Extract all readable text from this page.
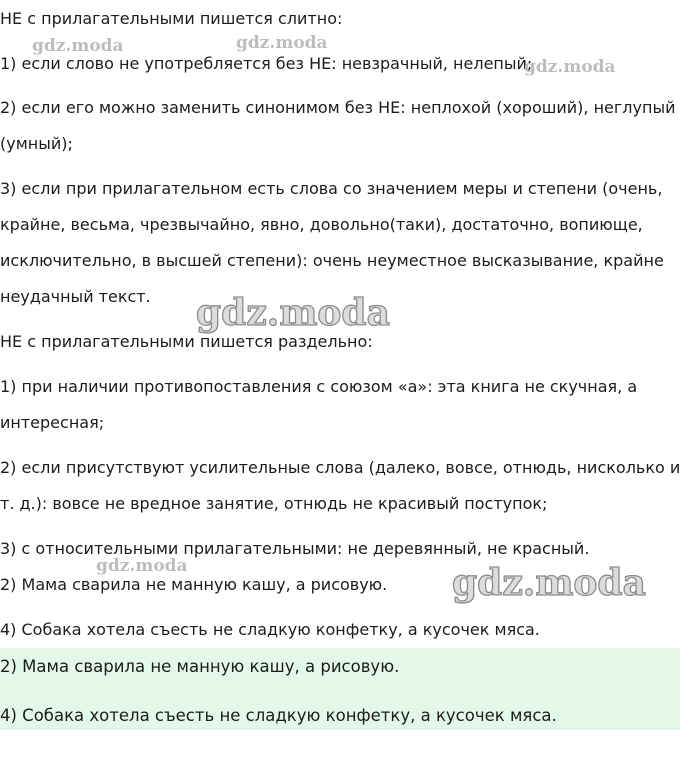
НЕ с прилагательными пишется слитно:
1) если слово не употребляется без НЕ: невзрачный, нелепый;
2) если его можно заменить синонимом без НЕ: неплохой (хороший), неглупый
(умный);
3) если при прилагательном есть слова со значением меры и степени (очень,
крайне, весьма, чрезвычайно, явно, довольно(таки), достаточно, вопиюще,
исключительно, в высшей степени): очень неуместное высказывание, крайне
неудачный текст.
НЕ с прилагательными пишется раздельно:
1) при наличии противопоставления с союзом «а»: эта книга не скучная, а
интересная;
2) если присутствуют усилительные слова (далеко, вовсе, отнюдь, нисколько и
т. д.): вовсе не вредное занятие, отнюдь не красивый поступок;
3) с относительными прилагательными: не деревянный, не красный.
2) Мама сварила не манную кашу, а рисовую.
4) Собака хотела съесть не сладкую конфетку, а кусочек мяса.
2) Мама сварила не манную кашу, а рисовую.
4) Собака хотела съесть не сладкую конфетку, а кусочек мяса.
gdz.moda	gdz.moda
gdz.moda
gdz.moda
gdz.moda
gdz.moda
